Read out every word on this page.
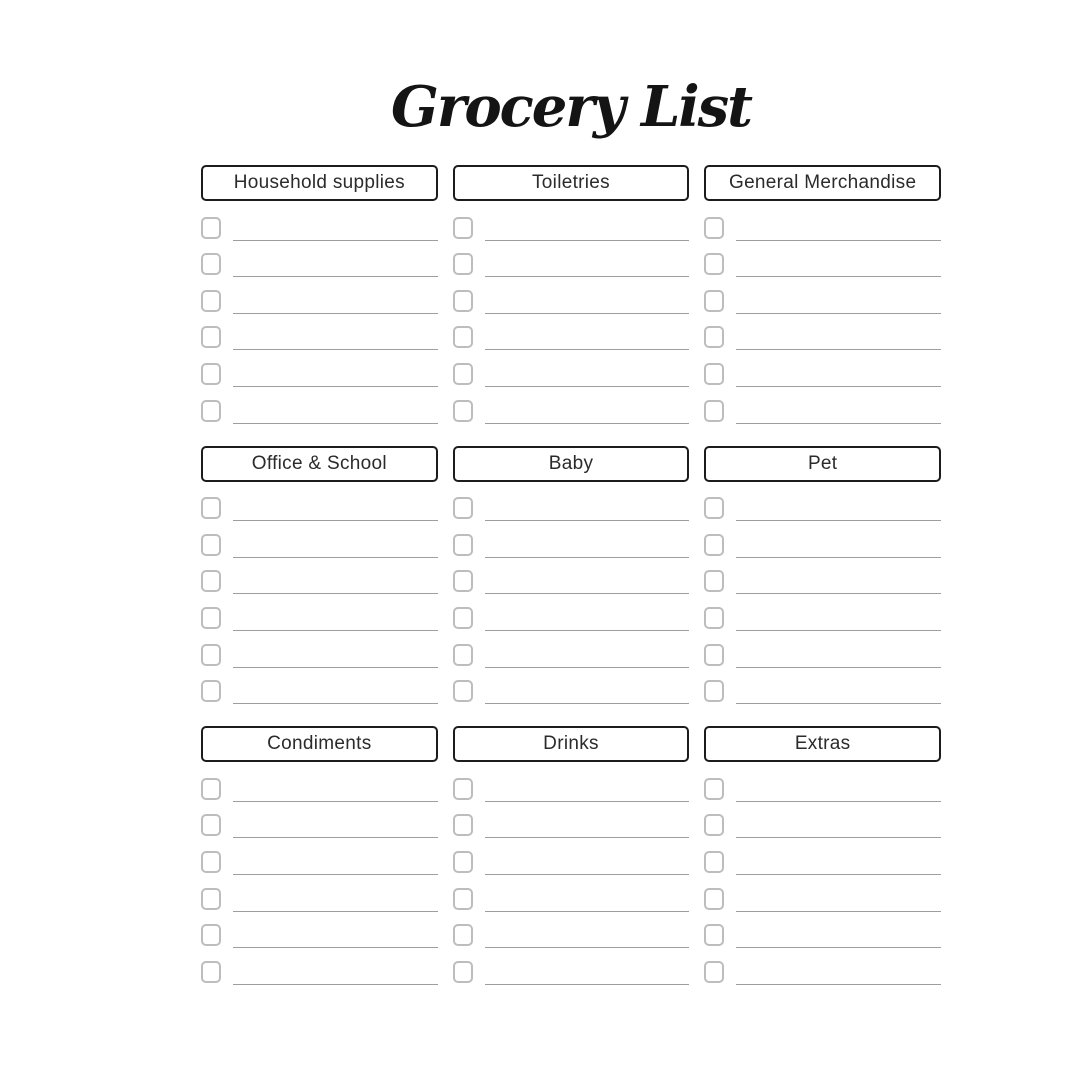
Grocery List
Household supplies	Toiletries	General Merchandise
Office & School	Baby	Pet
Condiments	Drinks	Extras
